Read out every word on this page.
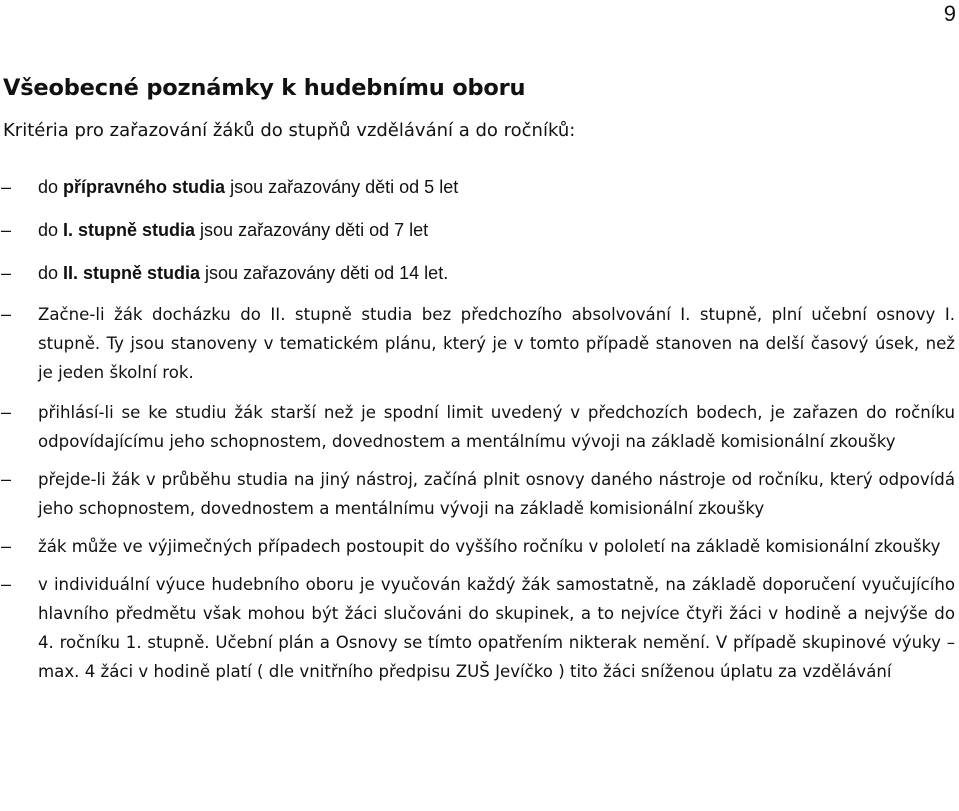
9
Všeobecné poznámky k hudebnímu oboru

Kritéria pro zařazování žáků do stupňů vzdělávání a do ročníků:

– do přípravného studia jsou zařazovány děti od 5 let
– do I. stupně studia jsou zařazovány děti od 7 let
– do II. stupně studia jsou zařazovány děti od 14 let.
– Začne-li žák docházku do II. stupně studia bez předchozího absolvování I. stupně, plní učební osnovy I. stupně. Ty jsou stanoveny v tematickém plánu, který je v tomto případě stanoven na delší časový úsek, než je jeden školní rok.
– přihlásí-li se ke studiu žák starší než je spodní limit uvedený v předchozích bodech, je zařazen do ročníku odpovídajícímu jeho schopnostem, dovednostem a mentálnímu vývoji na základě komisionální zkoušky
– přejde-li žák v průběhu studia na jiný nástroj, začíná plnit osnovy daného nástroje od ročníku, který odpovídá jeho schopnostem, dovednostem a mentálnímu vývoji na základě komisionální zkoušky
– žák může ve výjimečných případech postoupit do vyššího ročníku v pololetí na základě komisionální zkoušky
– v individuální výuce hudebního oboru je vyučován každý žák samostatně, na základě doporučení vyučujícího hlavního předmětu však mohou být žáci slučováni do skupinek, a to nejvíce čtyři žáci v hodině a nejvýše do 4. ročníku 1. stupně. Učební plán a Osnovy se tímto opatřením nikterak nemění. V případě skupinové výuky – max. 4 žáci v hodině platí ( dle vnitřního předpisu ZUŠ Jevíčko ) tito žáci sníženou úplatu za vzdělávání
